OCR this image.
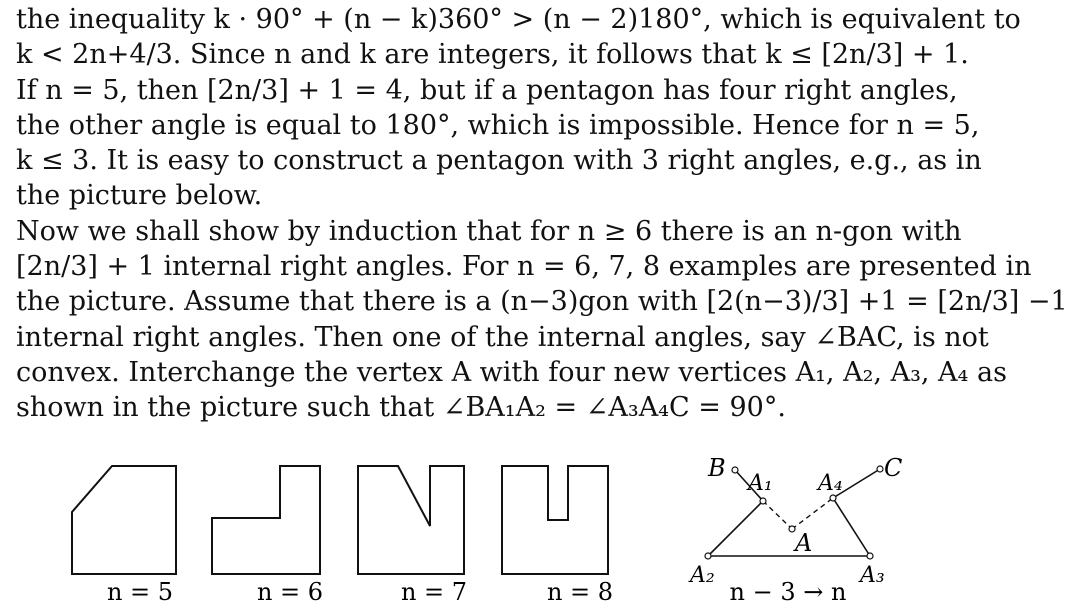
the inequality k · 90° + (n − k)360° > (n − 2)180°, which is equivalent to
k < 2n+4/3. Since n and k are integers, it follows that k ≤ [2n/3] + 1.
If n = 5, then [2n/3] + 1 = 4, but if a pentagon has four right angles,
the other angle is equal to 180°, which is impossible. Hence for n = 5,
k ≤ 3. It is easy to construct a pentagon with 3 right angles, e.g., as in
the picture below.
Now we shall show by induction that for n ≥ 6 there is an n-gon with
[2n/3] + 1 internal right angles. For n = 6, 7, 8 examples are presented in
the picture. Assume that there is a (n−3)gon with [2(n−3)/3] +1 = [2n/3] −1
internal right angles. Then one of the internal angles, say ∠BAC, is not
convex. Interchange the vertex A with four new vertices A₁, A₂, A₃, A₄ as
shown in the picture such that ∠BA₁A₂ = ∠A₃A₄C = 90°.
n = 5	n = 6	n = 7	n = 8
B
A₁ A₄
C
A
A₂	A₃
n − 3 → n
